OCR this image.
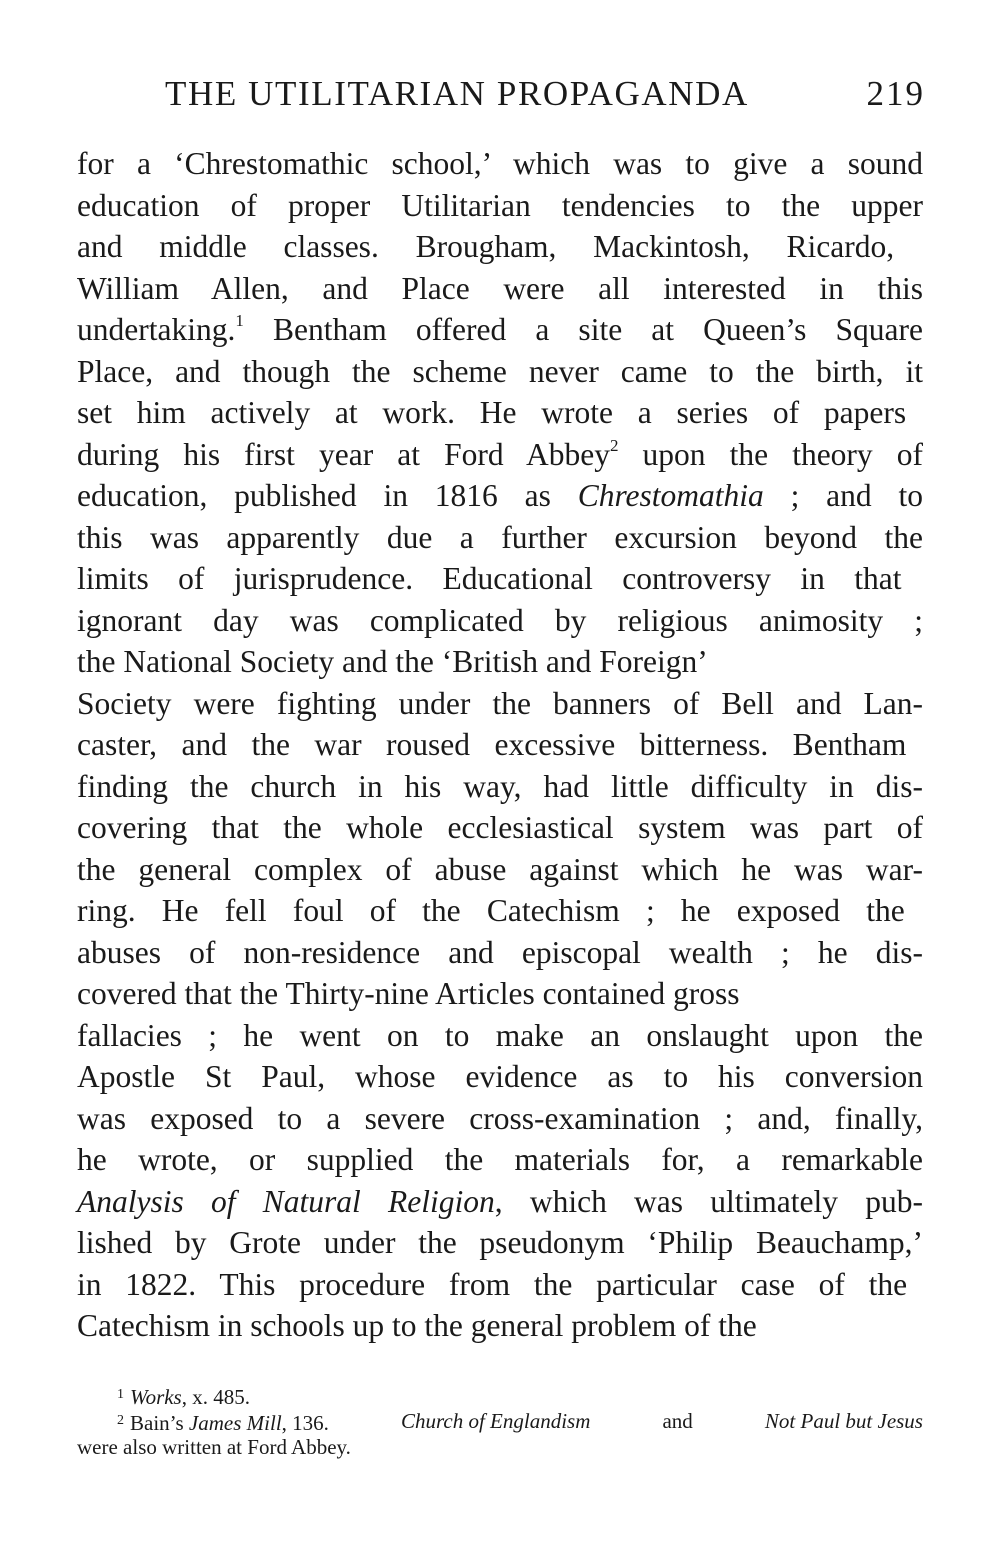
THE UTILITARIAN PROPAGANDA	219
for a ‘Chrestomathic school,’ which was to give a sound
education of proper Utilitarian tendencies to the upper
and middle classes. Brougham, Mackintosh, Ricardo,
William Allen, and Place were all interested in this
undertaking.$^1$ Bentham offered a site at Queen’s Square
Place, and though the scheme never came to the birth, it
set him actively at work. He wrote a series of papers
during his first year at Ford Abbey$^2$ upon the theory of
education, published in 1816 as Chrestomathia ; and to
this was apparently due a further excursion beyond the
limits of jurisprudence. Educational controversy in that
ignorant day was complicated by religious animosity ;
the National Society and the ‘British and Foreign’
Society were fighting under the banners of Bell and Lan-
caster, and the war roused excessive bitterness. Bentham
finding the church in his way, had little difficulty in dis-
covering that the whole ecclesiastical system was part of
the general complex of abuse against which he was war-
ring. He fell foul of the Catechism ; he exposed the
abuses of non-residence and episcopal wealth ; he dis-
covered that the Thirty-nine Articles contained gross
fallacies ; he went on to make an onslaught upon the
Apostle St Paul, whose evidence as to his conversion
was exposed to a severe cross-examination ; and, finally,
he wrote, or supplied the materials for, a remarkable
Analysis of Natural Religion, which was ultimately pub-
lished by Grote under the pseudonym ‘Philip Beauchamp,’
in 1822. This procedure from the particular case of the
Catechism in schools up to the general problem of the
$^1$ Works, x. 485.
$^2$ Bain’s James Mill, 136.	Church of Englandism	and	Not Paul but Jesus
were also written at Ford Abbey.
